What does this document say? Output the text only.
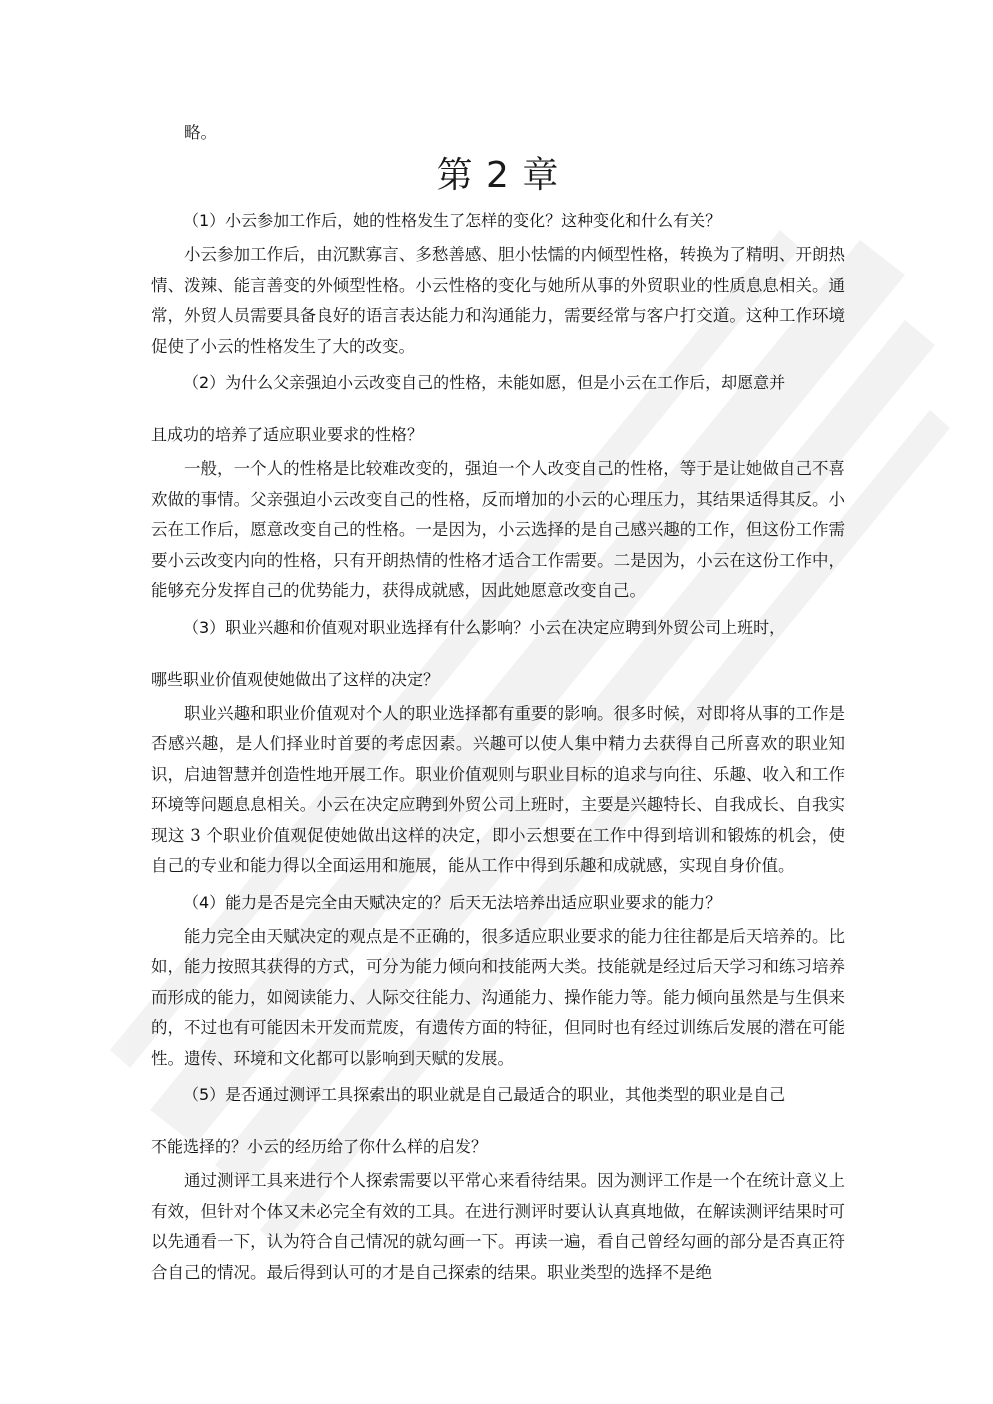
略。

第 2 章
（1）小云参加工作后，她的性格发生了怎样的变化？这种变化和什么有关？

小云参加工作后，由沉默寡言、多愁善感、胆小怯懦的内倾型性格，转换为了精明、开朗热情、泼辣、能言善变的外倾型性格。小云性格的变化与她所从事的外贸职业的性质息息相关。通常，外贸人员需要具备良好的语言表达能力和沟通能力，需要经常与客户打交道。这种工作环境促使了小云的性格发生了大的改变。

（2）为什么父亲强迫小云改变自己的性格，未能如愿，但是小云在工作后，却愿意并
且成功的培养了适应职业要求的性格？

一般，一个人的性格是比较难改变的，强迫一个人改变自己的性格，等于是让她做自己不喜欢做的事情。父亲强迫小云改变自己的性格，反而增加的小云的心理压力，其结果适得其反。小云在工作后，愿意改变自己的性格。一是因为，小云选择的是自己感兴趣的工作，但这份工作需要小云改变内向的性格，只有开朗热情的性格才适合工作需要。二是因为，小云在这份工作中，能够充分发挥自己的优势能力，获得成就感，因此她愿意改变自己。

（3）职业兴趣和价值观对职业选择有什么影响？小云在决定应聘到外贸公司上班时，
哪些职业价值观使她做出了这样的决定？

职业兴趣和职业价值观对个人的职业选择都有重要的影响。很多时候，对即将从事的工作是否感兴趣，是人们择业时首要的考虑因素。兴趣可以使人集中精力去获得自己所喜欢的职业知识，启迪智慧并创造性地开展工作。职业价值观则与职业目标的追求与向往、乐趣、收入和工作环境等问题息息相关。小云在决定应聘到外贸公司上班时，主要是兴趣特长、自我成长、自我实现这 3 个职业价值观促使她做出这样的决定，即小云想要在工作中得到培训和锻炼的机会，使自己的专业和能力得以全面运用和施展，能从工作中得到乐趣和成就感，实现自身价值。

（4）能力是否是完全由天赋决定的？后天无法培养出适应职业要求的能力？

能力完全由天赋决定的观点是不正确的，很多适应职业要求的能力往往都是后天培养的。比如，能力按照其获得的方式，可分为能力倾向和技能两大类。技能就是经过后天学习和练习培养而形成的能力，如阅读能力、人际交往能力、沟通能力、操作能力等。能力倾向虽然是与生俱来的，不过也有可能因未开发而荒废，有遗传方面的特征，但同时也有经过训练后发展的潜在可能性。遗传、环境和文化都可以影响到天赋的发展。

（5）是否通过测评工具探索出的职业就是自己最适合的职业，其他类型的职业是自己
不能选择的？小云的经历给了你什么样的启发？

通过测评工具来进行个人探索需要以平常心来看待结果。因为测评工作是一个在统计意义上有效，但针对个体又未必完全有效的工具。在进行测评时要认认真真地做，在解读测评结果时可以先通看一下，认为符合自己情况的就勾画一下。再读一遍，看自己曾经勾画的部分是否真正符合自己的情况。最后得到认可的才是自己探索的结果。职业类型的选择不是绝
